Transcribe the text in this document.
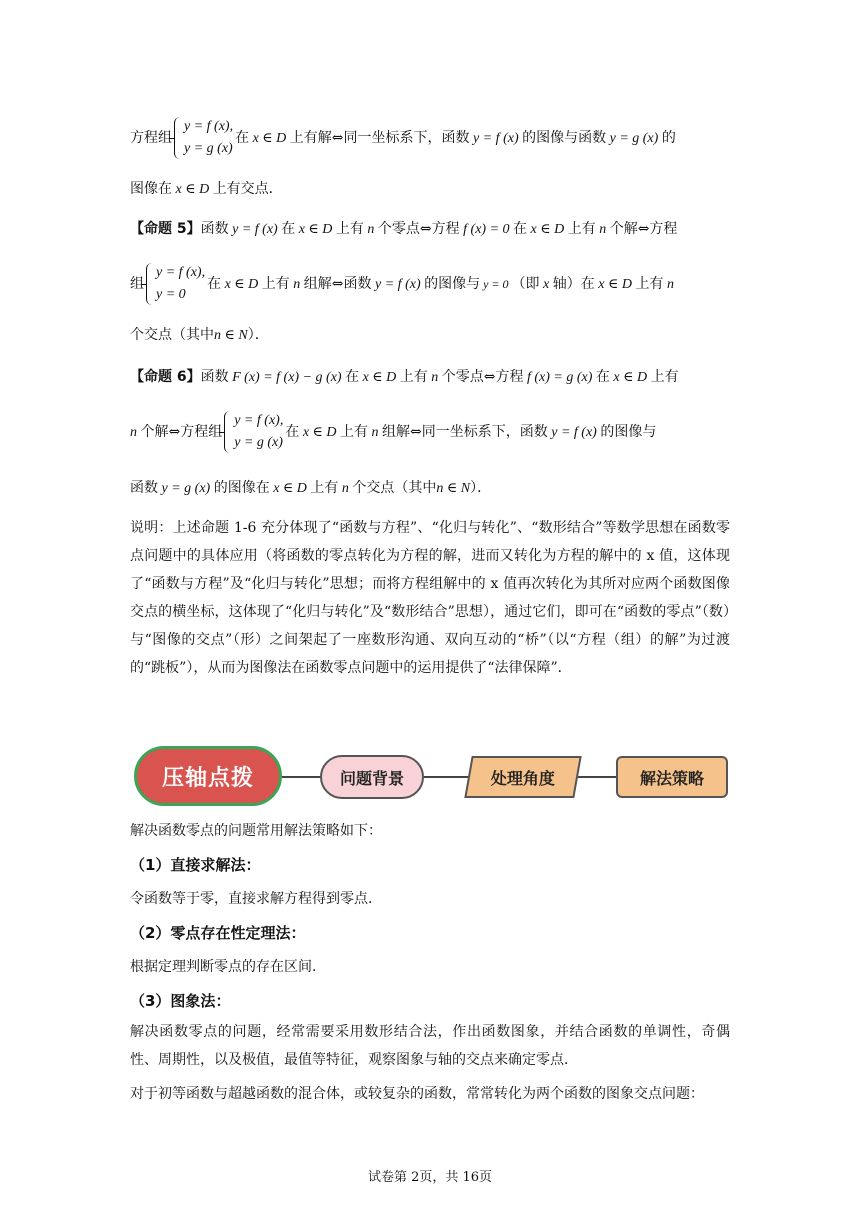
方程组
y = f (x),
y = g (x)
在 x ∈ D 上有解⇔同一坐标系下，函数 y = f (x) 的图像与函数 y = g (x) 的
图像在 x ∈ D 上有交点．
【命题 5】函数 y = f (x) 在 x ∈ D 上有 n 个零点⇔方程 f (x) = 0 在 x ∈ D 上有 n 个解⇔方程
组
y = f (x),
y = 0
在 x ∈ D 上有 n 组解⇔函数 y = f (x) 的图像与 y = 0 （即 x 轴）在 x ∈ D 上有 n
个交点（其中n ∈ N）．
【命题 6】函数 F (x) = f (x) − g (x) 在 x ∈ D 上有 n 个零点⇔方程 f (x) = g (x) 在 x ∈ D 上有
n 个解⇔方程组
y = f (x),
y = g (x)
在 x ∈ D 上有 n 组解⇔同一坐标系下，函数 y = f (x) 的图像与
函数 y = g (x) 的图像在 x ∈ D 上有 n 个交点（其中n ∈ N）．
说明：上述命题 1-6 充分体现了“函数与方程”、“化归与转化”、“数形结合”等数学思想在函数零点问题中的具体应用（将函数的零点转化为方程的解，进而又转化为方程的解中的 x 值，这体现了“函数与方程”及“化归与转化”思想；而将方程组解中的 x 值再次转化为其所对应两个函数图像交点的横坐标，这体现了“化归与转化”及“数形结合”思想），通过它们，即可在“函数的零点”（数）与“图像的交点”（形）之间架起了一座数形沟通、双向互动的“桥”（以“方程（组）的解”为过渡的“跳板”），从而为图像法在函数零点问题中的运用提供了“法律保障”．
压轴点拨	问题背景	处理角度	解法策略
解决函数零点的问题常用解法策略如下：
（1）直接求解法：
令函数等于零，直接求解方程得到零点．
（2）零点存在性定理法：
根据定理判断零点的存在区间．
（3）图象法：
解决函数零点的问题，经常需要采用数形结合法，作出函数图象，并结合函数的单调性，奇偶性、周期性，以及极值，最值等特征，观察图象与轴的交点来确定零点．
对于初等函数与超越函数的混合体，或较复杂的函数，常常转化为两个函数的图象交点问题：
试卷第 2页，共 16页
